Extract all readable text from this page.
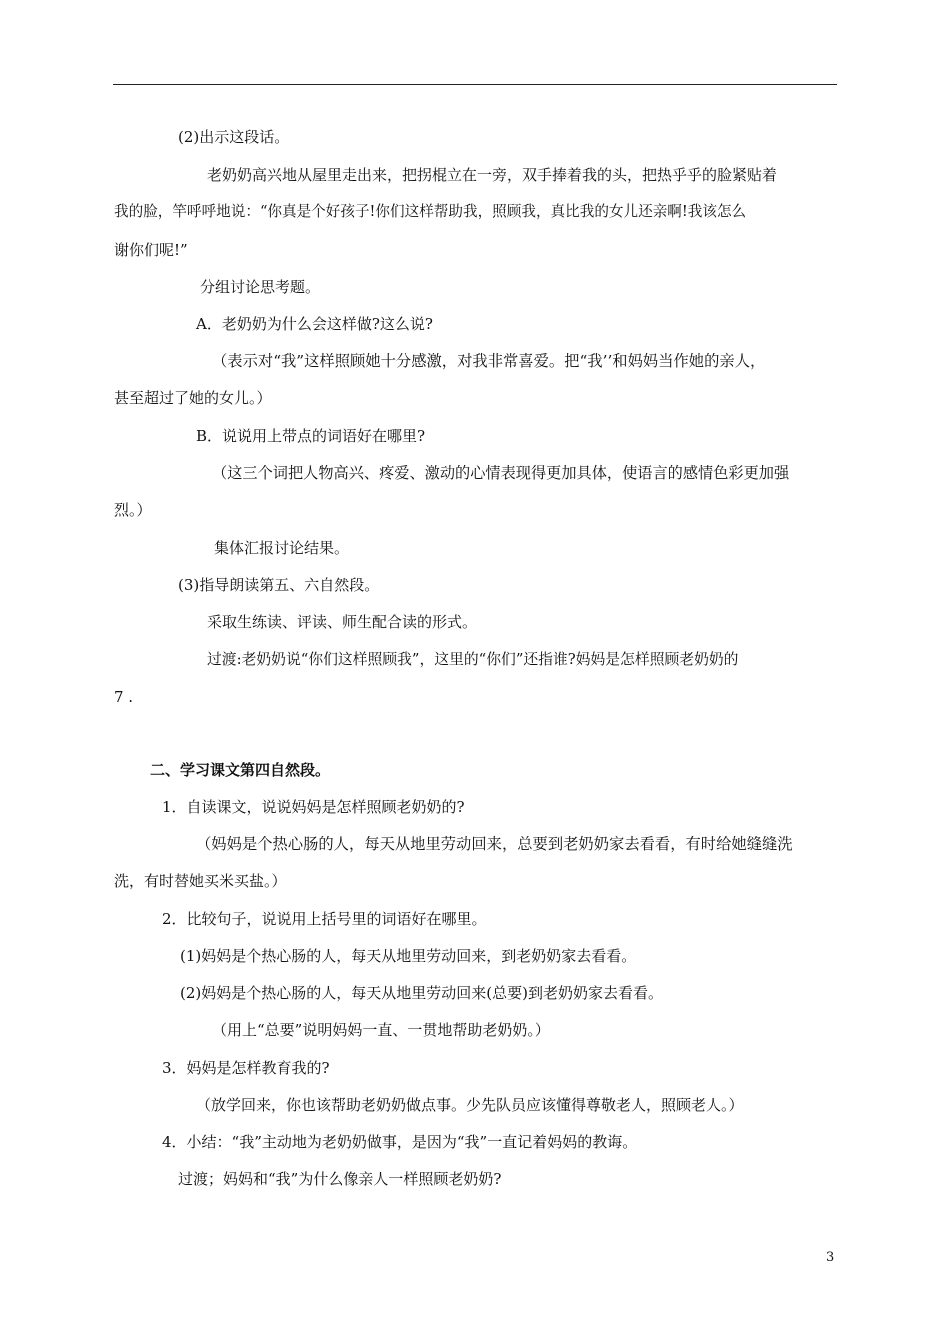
(2)出示这段话。
老奶奶高兴地从屋里走出来，把拐棍立在一旁，双手捧着我的头，把热乎乎的脸紧贴着
我的脸，竿呼呼地说：“你真是个好孩子!你们这样帮助我，照顾我，真比我的女儿还亲啊!我该怎么
谢你们呢!”
分组讨论思考题。
A．老奶奶为什么会这样做?这么说?
（表示对“我”这样照顾她十分感激，对我非常喜爱。把“我’’和妈妈当作她的亲人，
甚至超过了她的女儿。）
B．说说用上带点的词语好在哪里?
（这三个词把人物高兴、疼爱、激动的心情表现得更加具体，使语言的感情色彩更加强
烈。）
集体汇报讨论结果。
(3)指导朗读第五、六自然段。
采取生练读、评读、师生配合读的形式。
过渡:老奶奶说“你们这样照顾我”，这里的“你们”还指谁?妈妈是怎样照顾老奶奶的
7 .
二、学习课文第四自然段。
1．自读课文，说说妈妈是怎样照顾老奶奶的?
（妈妈是个热心肠的人，每天从地里劳动回来，总要到老奶奶家去看看，有时给她缝缝洗
洗，有时替她买米买盐。）
2．比较句子，说说用上括号里的词语好在哪里。
(1)妈妈是个热心肠的人，每天从地里劳动回来，到老奶奶家去看看。
(2)妈妈是个热心肠的人，每天从地里劳动回来(总要)到老奶奶家去看看。
（用上“总要”说明妈妈一直、一贯地帮助老奶奶。）
3．妈妈是怎样教育我的?
（放学回来，你也该帮助老奶奶做点事。少先队员应该懂得尊敬老人，照顾老人。）
4．小结：“我”主动地为老奶奶做事，是因为“我”一直记着妈妈的教诲。
过渡；妈妈和“我”为什么像亲人一样照顾老奶奶?
3
